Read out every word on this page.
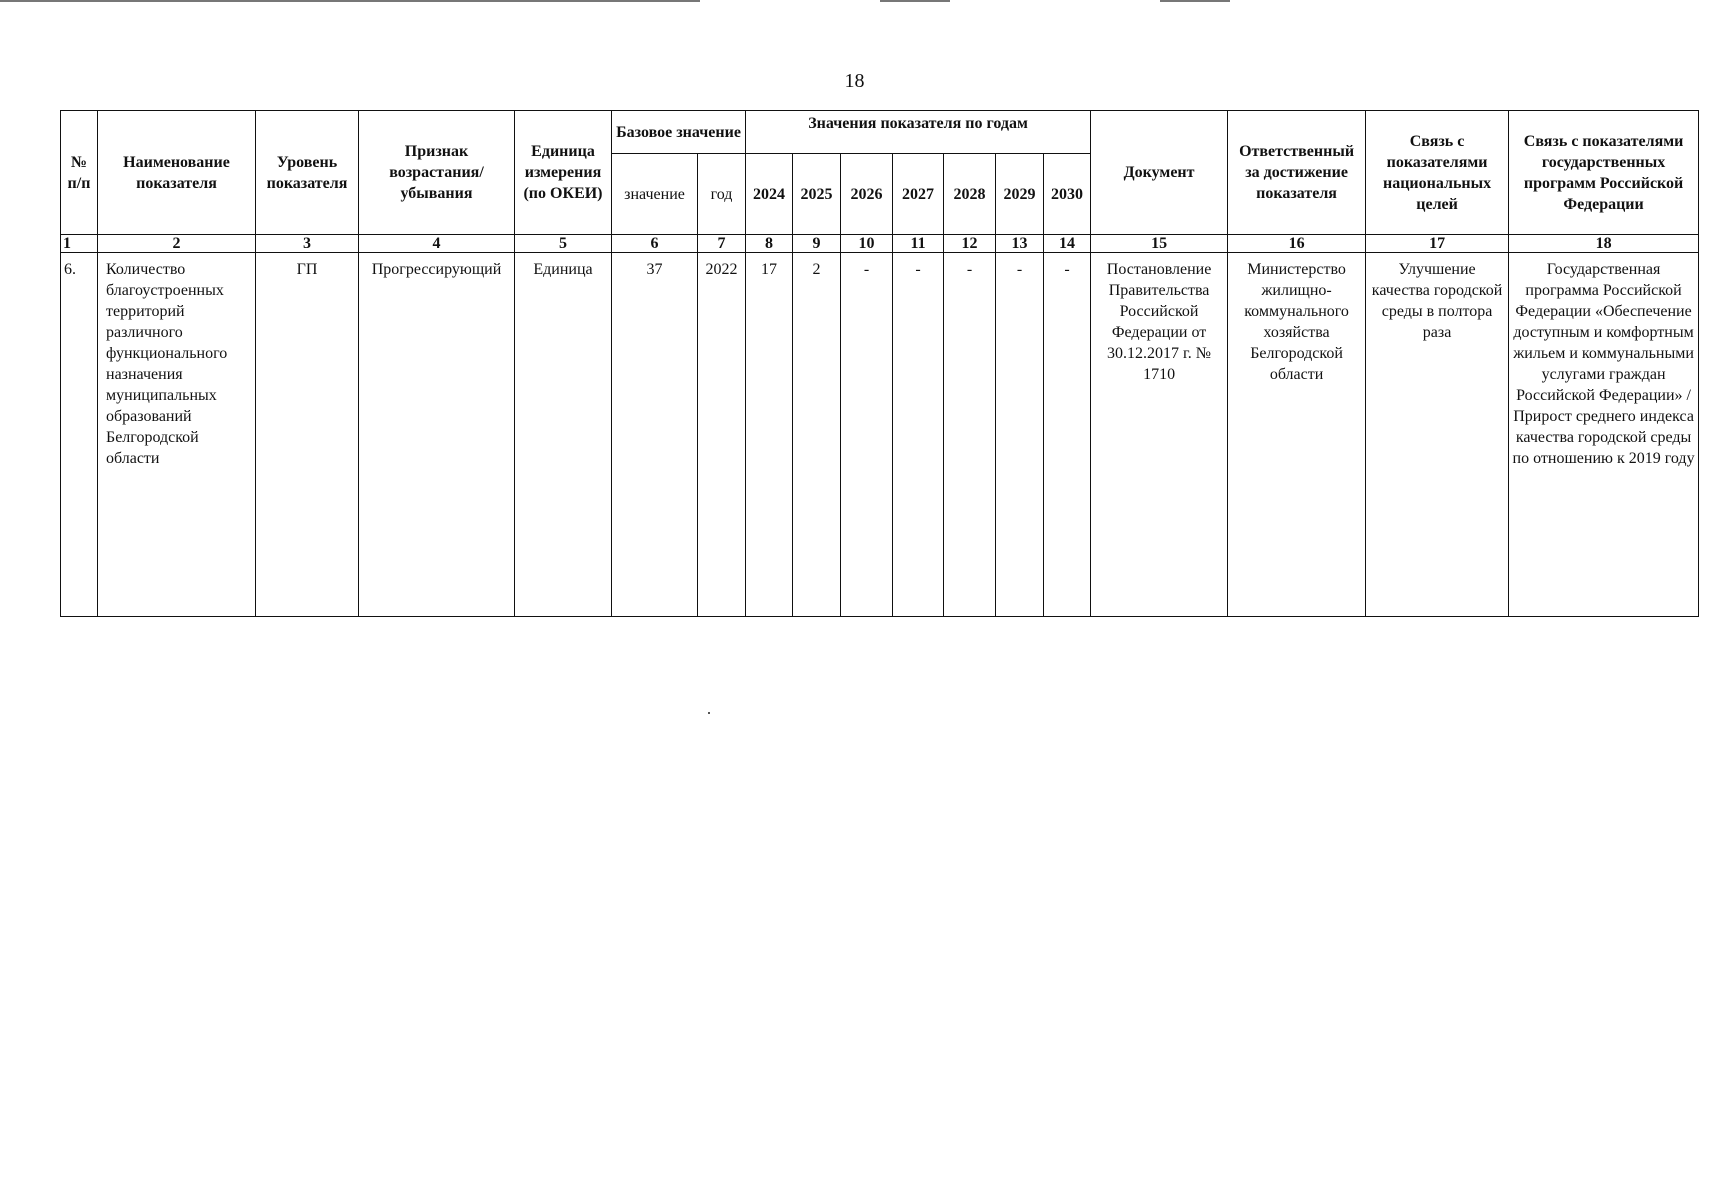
18
№ п/п	Наименование показателя	Уровень показателя	Признак возрастания/ убывания	Единица измерения (по ОКЕИ)	Базовое значение		Значения показателя по годам							Документ	Ответственный за достижение показателя	Связь с показателями национальных целей	Связь с показателями государственных программ Российской Федерации
					значение	год	2024	2025	2026	2027	2028	2029	2030				
1	2	3	4	5	6	7	8	9	10	11	12	13	14	15	16	17	18
6.	Количество благоустроенных территорий различного функционального назначения муниципальных образований Белгородской области	ГП	Прогрессирующий	Единица	37	2022	17	2	-	-	-	-	-	Постановление Правительства Российской Федерации от 30.12.2017 г. № 1710	Министерство жилищно-коммунального хозяйства Белгородской области	Улучшение качества городской среды в полтора раза	Государственная программа Российской Федерации «Обеспечение доступным и комфортным жильем и коммунальными услугами граждан Российской Федерации» / Прирост среднего индекса качества городской среды по отношению к 2019 году
